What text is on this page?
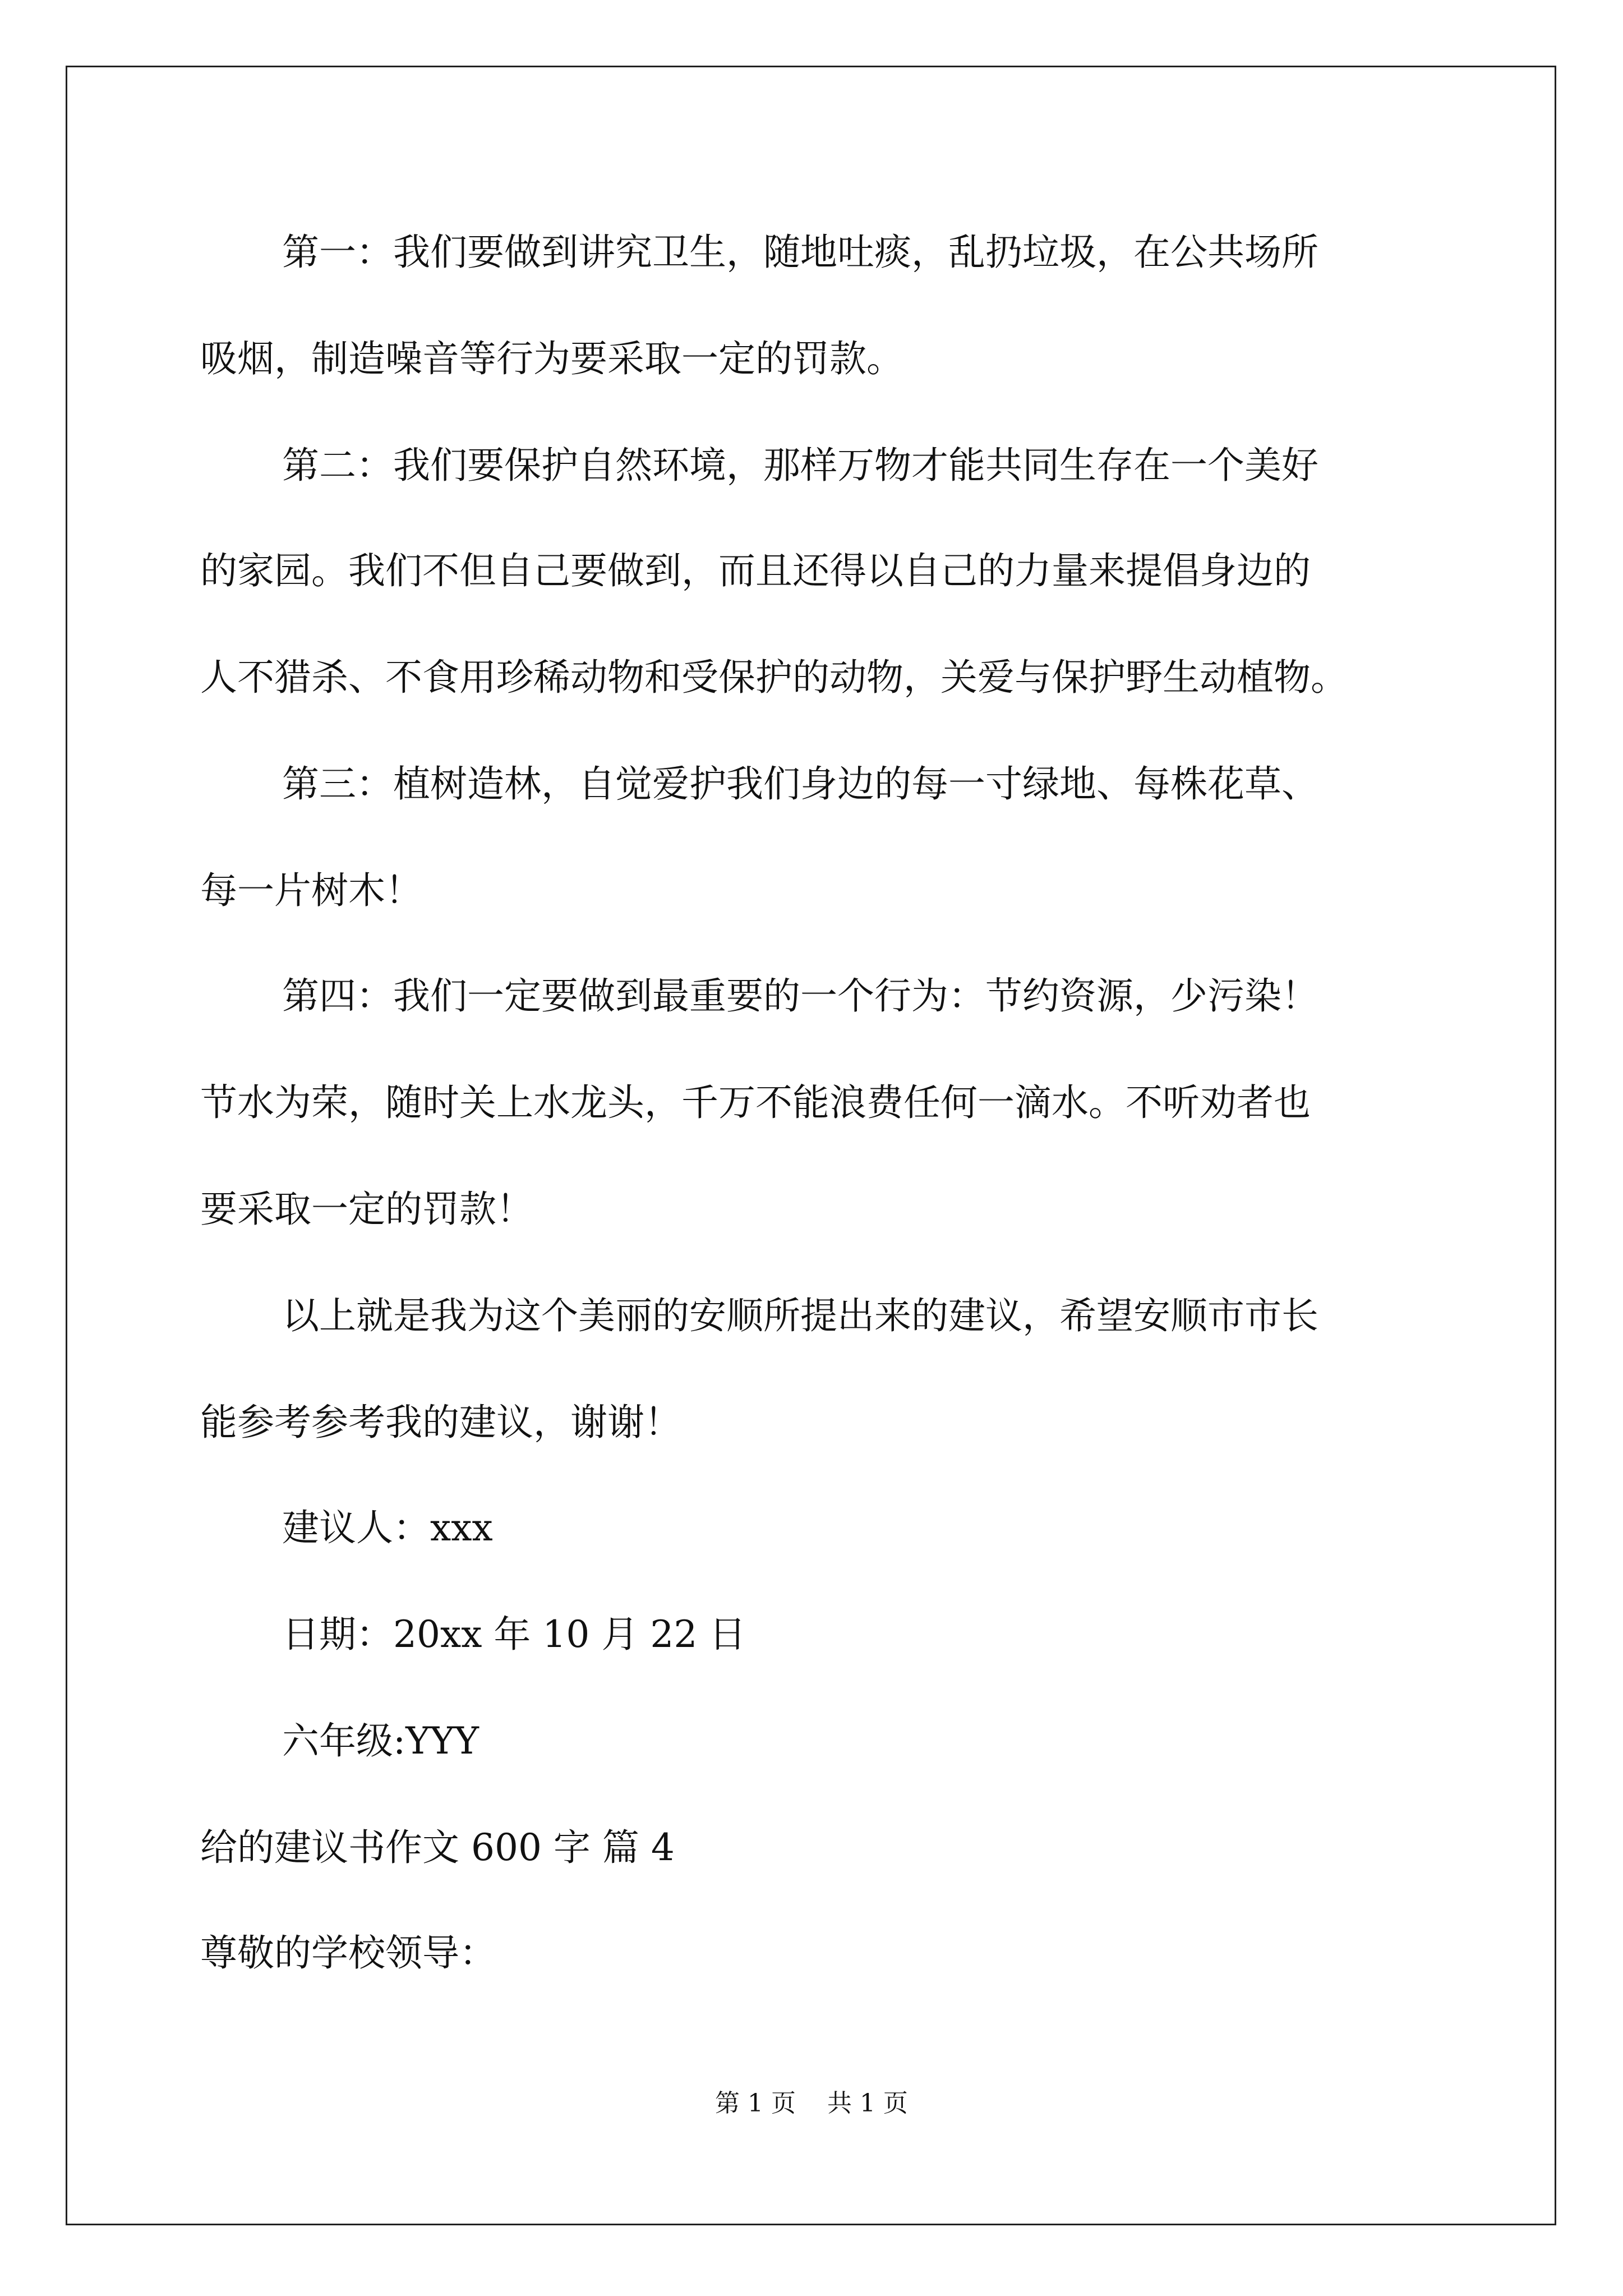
第一：我们要做到讲究卫生，随地吐痰，乱扔垃圾，在公共场所
吸烟，制造噪音等行为要采取一定的罚款。
第二：我们要保护自然环境，那样万物才能共同生存在一个美好
的家园。我们不但自己要做到，而且还得以自己的力量来提倡身边的
人不猎杀、不食用珍稀动物和受保护的动物，关爱与保护野生动植物。
第三：植树造林，自觉爱护我们身边的每一寸绿地、每株花草、
每一片树木！
第四：我们一定要做到最重要的一个行为：节约资源，少污染！
节水为荣，随时关上水龙头，千万不能浪费任何一滴水。不听劝者也
要采取一定的罚款！
以上就是我为这个美丽的安顺所提出来的建议，希望安顺市市长
能参考参考我的建议，谢谢！
建议人：xxx
日期：20xx 年 10 月 22 日
六年级:YYY
给的建议书作文 600 字 篇 4
尊敬的学校领导：
第 1 页    共 1 页
